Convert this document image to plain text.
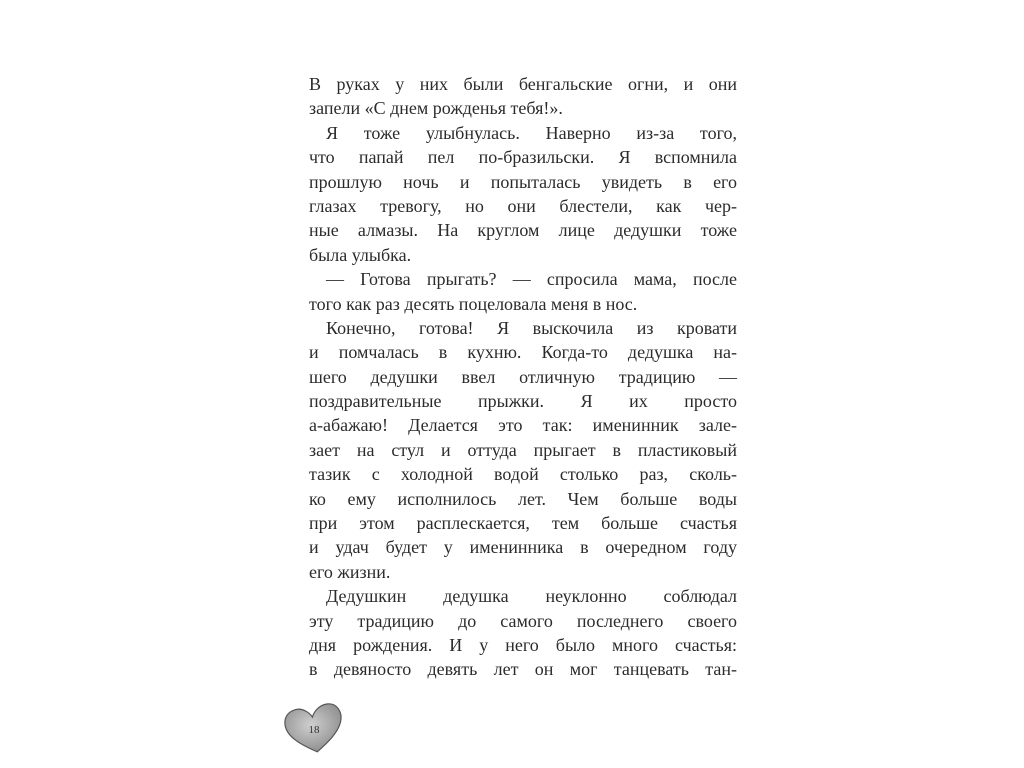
В руках у них были бенгальские огни, и они
запели «С днем рожденья тебя!».
Я тоже улыбнулась. Наверно из-за того,
что папай пел по-бразильски. Я вспомнила
прошлую ночь и попыталась увидеть в его
глазах тревогу, но они блестели, как чер-
ные алмазы. На круглом лице дедушки тоже
была улыбка.
— Готова прыгать? — спросила мама, после
того как раз десять поцеловала меня в нос.
Конечно, готова! Я выскочила из кровати
и помчалась в кухню. Когда-то дедушка на-
шего дедушки ввел отличную традицию —
поздравительные прыжки. Я их просто
а-абажаю! Делается это так: именинник зале-
зает на стул и оттуда прыгает в пластиковый
тазик с холодной водой столько раз, сколь-
ко ему исполнилось лет. Чем больше воды
при этом расплескается, тем больше счастья
и удач будет у именинника в очередном году
его жизни.
Дедушкин дедушка неуклонно соблюдал
эту традицию до самого последнего своего
дня рождения. И у него было много счастья:
в девяносто девять лет он мог танцевать тан-
18
